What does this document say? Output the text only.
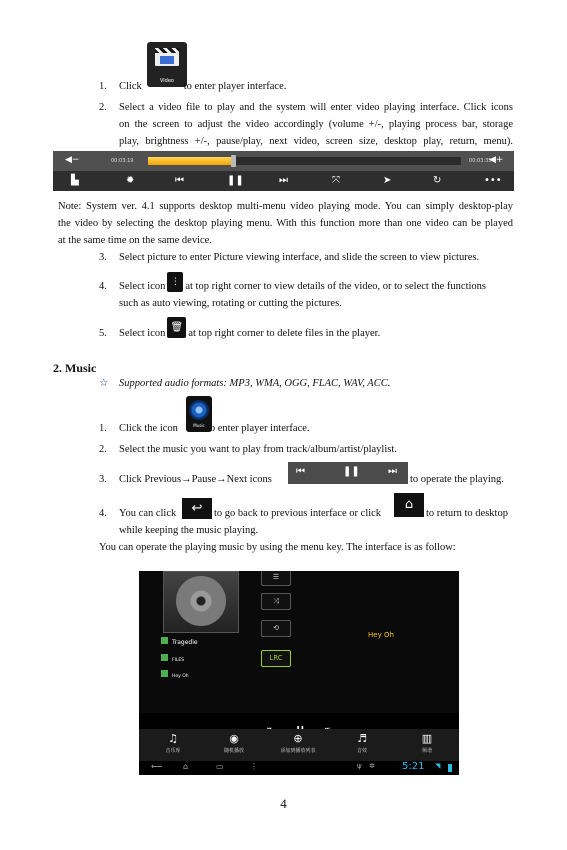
Video
1. Click	to enter player interface.
2. Select a video file to play and the system will enter video playing interface. Click icons
on the screen to adjust the video accordingly (volume +/-, playing process bar, storage
play, brightness +/-, pause/play, next video, screen size, desktop play, return, menu).
◀−	00:03:19	00:03:35
◀+
▙	✹	⏮	❚❚	⏭	⤧	➤	↻	•••
Note: System ver. 4.1 supports desktop multi-menu video playing mode. You can simply desktop-play
the video by selecting the desktop playing menu. With this function more than one video can be played
at the same time on the same device.
3. Select picture to enter Picture viewing interface, and slide the screen to view pictures.
4. Select icon ⋮ at top right corner to view details of the video, or to select the functions
such as auto viewing, rotating or cutting the pictures.
5. Select icon🗑at top right corner to delete files in the player.
2. Music
☆ Supported audio formats: MP3, WMA, OGG, FLAC, WAV, ACC.
Music
1. Click the icon	to enter player interface.
2. Select the music you want to play from track/album/artist/playlist.
⏮	❚❚	⏭
3. Click Previous→Pause→Next icons	to operate the playing.
↩	⌂
4. You can click	to go back to previous interface or click	to return to desktop
while keeping the music playing.
You can operate the playing music by using the menu key. The interface is as follow:
☰
⤨
⟲
LRC
Hey Oh
Tragedie
FILES
Hey Oh
♫
音乐库
◉
随机播放
⊕
添加到播放列表
♬
音效
▥
频谱
⟵	⌂	▭	⋮	ψ ✲	5:21 ◥
4
